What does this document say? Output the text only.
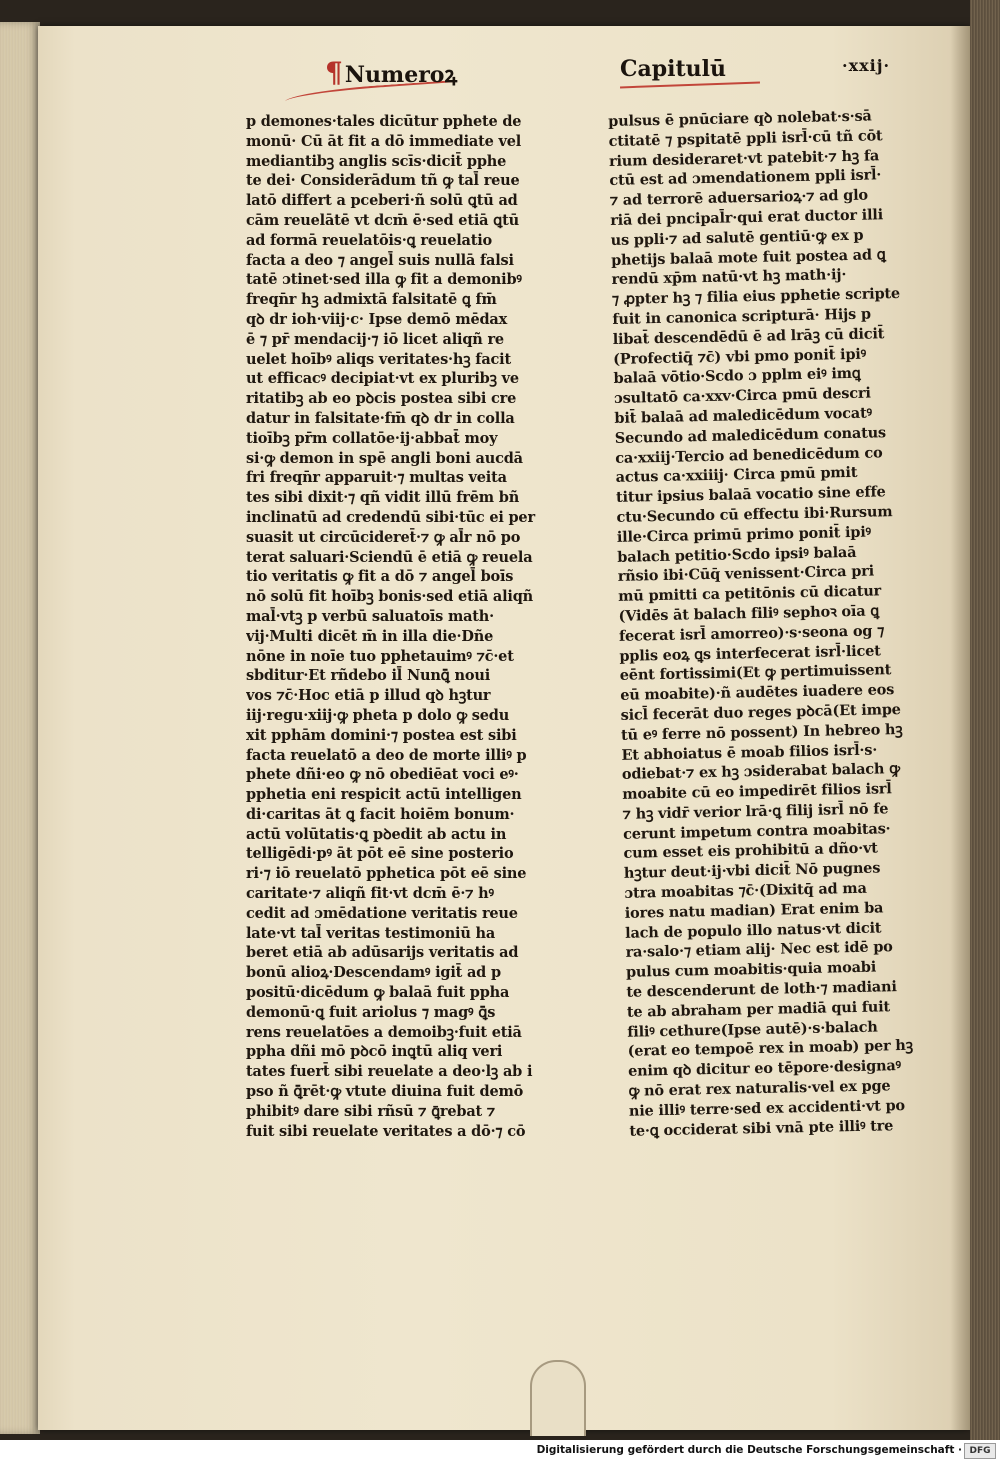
¶Numeroꝝ	Capitulū	·xxij·
p demones·tales dicūtur pphete de
monū· Cū āt fit a dō immediate vel
mediantibꝫ anglis scīs·dicit̄ pphe
te dei· Considerādum tñ ꝙ tal̄ reue
latō differt a pceberi·ñ solū ꝗtū ad
cām reuelātē vt dcm̄ ē·sed etiā ꝗtū
ad formā reuelatōis·ꝗ reuelatio
facta a deo ⁊ angel̄ suis nullā falsi
tatē ɔtinet·sed illa ꝙ fit a demonibꝰ
freqn̄r hꝫ admixtā falsitatē ꝗ fm̄
qꝺ dr ioh·viij·c· Ipse demō mēdax
ē ⁊ pr̄ mendacij·⁊ iō licet aliqñ re
uelet hoībꝰ aliqs veritates·hꝫ facit
ut efficacꝰ decipiat·vt ex pluribꝫ ve
ritatibꝫ ab eo pꝺcis postea sibi cre
datur in falsitate·fm̄ qꝺ dr in colla
tioībꝫ pr̄m collatōe·ij·abbat̄ moy
si·ꝙ demon in spē angli boni aucdā
fri freqn̄r apparuit·⁊ multas veita
tes sibi dixit·⁊ qñ vidit illū frēm bñ
inclinatū ad credendū sibi·tūc ei per
suasit ut circūcideret̄·⁊ ꝙ al̄r nō po
terat saluari·Sciendū ē etiā ꝙ reuela
tio veritatis ꝙ fit a dō ⁊ angel̄ boīs
nō solū fit hoībꝫ bonis·sed etiā aliqñ
mal̄·vtꝫ p verbū saluatoīs math·
vij·Multi dicēt m̄ in illa die·Dñe
nōne in noīe tuo pphetauimꝰ ⁊c̄·et
sbditur·Et rñdebo il̄ Nunꝗ̄ noui
vos ⁊c̄·Hoc etiā p illud qꝺ hꝫtur
iij·regu·xiij·ꝙ pheta p dolo ꝙ sedu
xit pphām domini·⁊ postea est sibi
facta reuelatō a deo de morte illiꝰ p
phete dñi·eo ꝙ nō obediēat voci eꝰ·
pphetia eni respicit actū intelligen
di·caritas āt ꝗ facit hoiēm bonum·
actū volūtatis·ꝗ pꝺedit ab actu in
telligēdi·pꝰ āt pōt eē sine posterio
ri·⁊ iō reuelatō pphetica pōt eē sine
caritate·⁊ aliqñ fit·vt dcm̄ ē·⁊ hꝰ
cedit ad ɔmēdatione veritatis reue
late·vt tal̄ veritas testimoniū ha
beret etiā ab adūsarijs veritatis ad
bonū alioꝝ·Descendamꝰ igit̄ ad p
positū·dicēdum ꝙ balaā fuit ppha
demonū·ꝗ fuit ariolus ⁊ magꝰ ꝗ̄s
rens reuelatōes a demoibꝫ·fuit etiā
ppha dñi mō pꝺcō inꝗtū aliq veri
tates fuert̄ sibi reuelate a deo·lꝫ ab i
pso ñ ꝗ̄rēt·ꝙ vtute diuina fuit demō
phibitꝰ dare sibi rñsū ⁊ ꝗ̄rebat ⁊
fuit sibi reuelate veritates a dō·⁊ cō
pulsus ē pnūciare qꝺ nolebat·s·sā
ctitatē ⁊ pspitatē ppli isrl̄·cū tñ cōt
rium desideraret·vt patebit·⁊ hꝫ fa
ctū est ad ɔmendationem ppli isrl̄·
⁊ ad terrorē aduersarioꝝ·⁊ ad glo
riā dei pncipal̄r·qui erat ductor illi
us ppli·⁊ ad salutē gentiū·ꝙ ex p
phetijs balaā mote fuit postea ad ꝗ
rendū xp̄m natū·vt hꝫ math·ij·
⁊ ꝓpter hꝫ ⁊ filia eius pphetie scripte
fuit in canonica scripturā· Hijs p
libat̄ descendēdū ē ad lrāꝫ cū dicit̄
(Profectiq̄ ⁊c̄) vbi pmo ponit̄ ipiꝰ
balaā vōtio·Scdo ɔ pplm eiꝰ imꝗ
ɔsultatō ca·xxv·Circa pmū descri
bit̄ balaā ad maledicēdum vocatꝰ
Secundo ad maledicēdum conatus
ca·xxiij·Tercio ad benedicēdum co
actus ca·xxiiij· Circa pmū pmit
titur ipsius balaā vocatio sine effe
ctu·Secundo cū effectu ibi·Rursum
ille·Circa primū primo ponit̄ ipiꝰ
balach petitio·Scdo ipsiꝰ balaā
rñsio ibi·Cūq̄ venissent·Circa pri
mū pmitti ca petitōnis cū dicatur
(Vidēs āt balach filiꝰ sephoꝛ oīa ꝗ
fecerat isrl̄ amorreo)·s·seona og ⁊
pplis eoꝝ ꝗs interfecerat isrl̄·licet
eēnt fortissimi(Et ꝙ pertimuissent
eū moabite)·ñ audētes iuadere eos
sicl̄ fecerāt duo reges pꝺcā(Et impe
tū eꝰ ferre nō possent) In hebreo hꝫ
Et abhoiatus ē moab filios isrl̄·s·
odiebat·⁊ ex hꝫ ɔsiderabat balach ꝙ
moabite cū eo impedirēt filios isrl̄
⁊ hꝫ vidr̄ verior lrā·ꝗ filij isrl̄ nō fe
cerunt impetum contra moabitas·
cum esset eis prohibitū a dño·vt
hꝫtur deut·ij·vbi dicit̄ Nō pugnes
ɔtra moabitas ⁊c̄·(Dixitq̄ ad ma
iores natu madian) Erat enim ba
lach de populo illo natus·vt dicit
ra·salo·⁊ etiam alij· Nec est idē po
pulus cum moabitis·quia moabi
te descenderunt de loth·⁊ madiani
te ab abraham per madiā qui fuit
filiꝰ cethure(Ipse autē)·s·balach
(erat eo tempoē rex in moab) per hꝫ
enim qꝺ dicitur eo tēpore·designaꝰ
ꝙ nō erat rex naturalis·vel ex pge
nie illiꝰ terre·sed ex accidenti·vt po
te·ꝗ occiderat sibi vnā pte illiꝰ tre
Digitalisierung gefördert durch die Deutsche Forschungsgemeinschaft · DFG
